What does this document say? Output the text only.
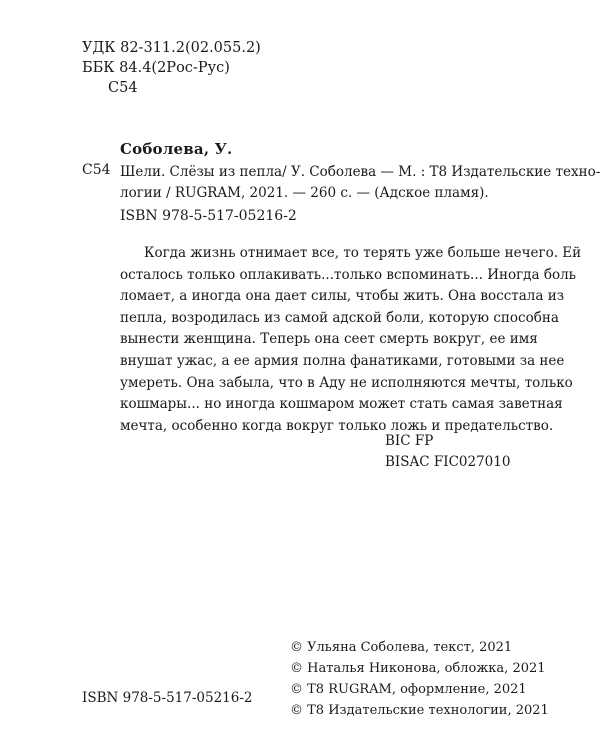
УДК 82-311.2(02.055.2)
ББК 84.4(2Рос-Рус)
С54
Соболева, У.
С54 Шели. Слёзы из пепла/ У. Соболева — М. : Т8 Издательские техно-
логии / RUGRAM, 2021. — 260 с. — (Адское пламя).
ISBN 978-5-517-05216-2
Когда жизнь отнимает все, то терять уже больше нечего. Ей
осталось только оплакивать...только вспоминать... Иногда боль
ломает, а иногда она дает силы, чтобы жить. Она восстала из
пепла, возродилась из самой адской боли, которую способна
вынести женщина. Теперь она сеет смерть вокруг, ее имя
внушат ужас, а ее армия полна фанатиками, готовыми за нее
умереть. Она забыла, что в Аду не исполняются мечты, только
кошмары... но иногда кошмаром может стать самая заветная
мечта, особенно когда вокруг только ложь и предательство.
BIC FP
BISAC FIC027010
© Ульяна Соболева, текст, 2021
© Наталья Никонова, обложка, 2021
© Т8 RUGRAM, оформление, 2021
© Т8 Издательские технологии, 2021
ISBN 978-5-517-05216-2
